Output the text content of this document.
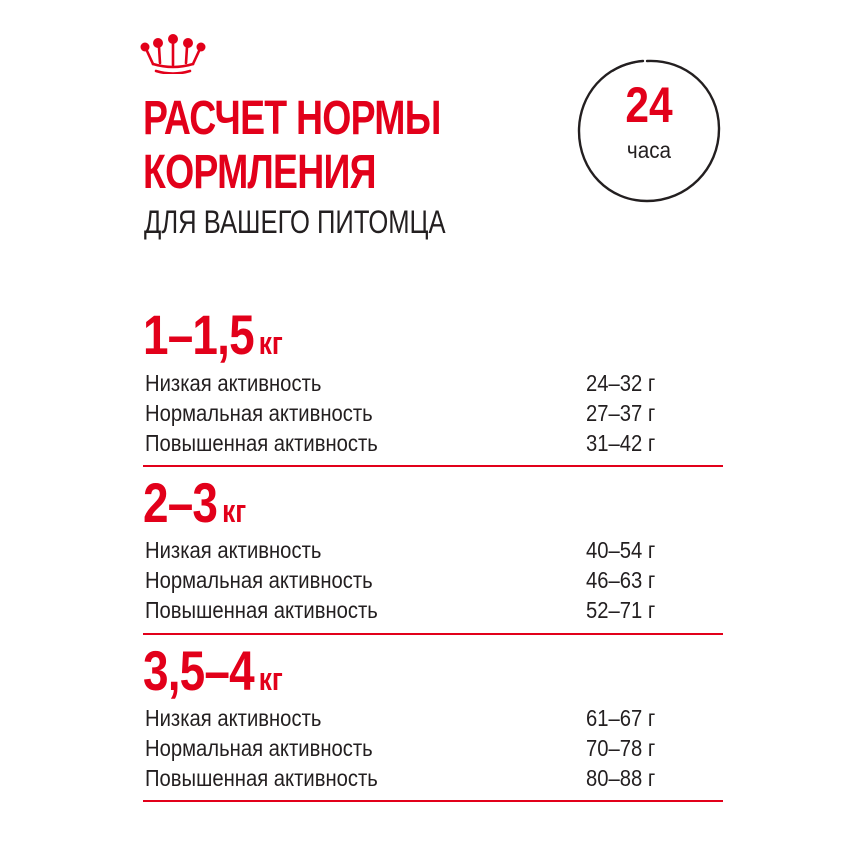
РАСЧЕТ НОРМЫ
КОРМЛЕНИЯ
ДЛЯ ВАШЕГО ПИТОМЦА
24
часа
1–1,5 кг
Низкая активность	24–32 г
Нормальная активность	27–37 г
Повышенная активность	31–42 г
2–3 кг
Низкая активность	40–54 г
Нормальная активность	46–63 г
Повышенная активность	52–71 г
3,5–4 кг
Низкая активность	61–67 г
Нормальная активность	70–78 г
Повышенная активность	80–88 г
